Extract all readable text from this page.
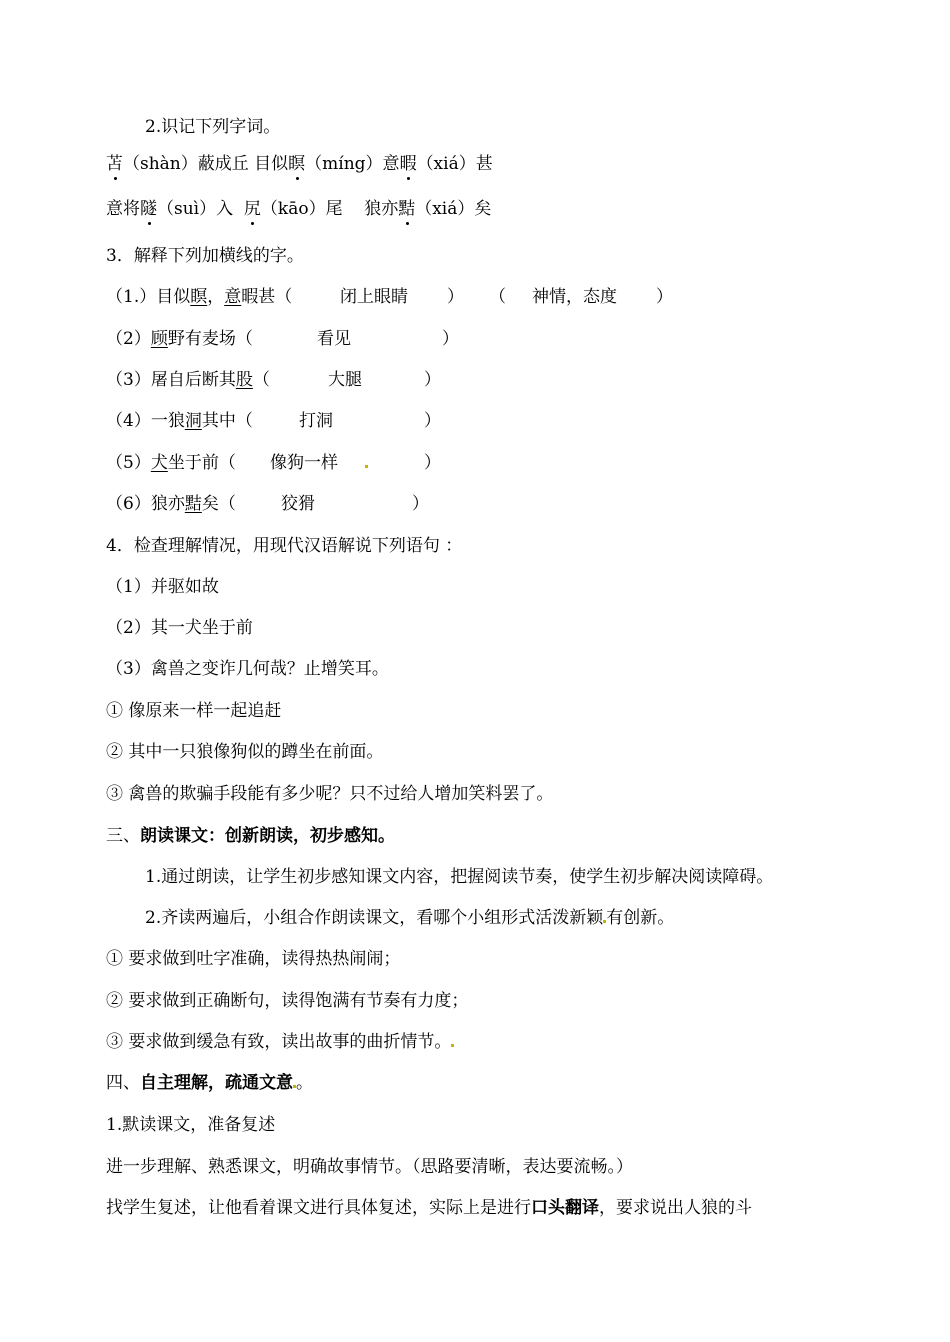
2.识记下列字词。
苫（shàn）蔽成丘 目似瞑（míng）意暇（xiá）甚
意将隧（suì）入  尻（kāo）尾    狼亦黠（xiá）矣
3．解释下列加横线的字。
（1.）目似瞑，意暇甚（	闭上眼睛 ） （ 神情，态度 ）
（2）顾野有麦场（	看见	）
（3）屠自后断其股（	大腿	）
（4）一狼洞其中（	打洞	）
（5）犬坐于前（ 像狗一样	）
（6）狼亦黠矣（	狡猾	）
4．检查理解情况，用现代汉语解说下列语句 ：
（1）并驱如故
（2）其一犬坐于前
（3）禽兽之变诈几何哉？止增笑耳。
① 像原来一样一起追赶
② 其中一只狼像狗似的蹲坐在前面。
③ 禽兽的欺骗手段能有多少呢？只不过给人增加笑料罢了。
三、朗读课文：创新朗读，初步感知。
1.通过朗读，让学生初步感知课文内容，把握阅读节奏，使学生初步解决阅读障碍。
2.齐读两遍后，小组合作朗读课文，看哪个小组形式活泼新颖 有创新。
① 要求做到吐字准确，读得热热闹闹；
② 要求做到正确断句，读得饱满有节奏有力度；
③ 要求做到缓急有致，读出故事的曲折情节。
四、自主理解，疏通文意 。
1.默读课文，准备复述
进一步理解、熟悉课文，明确故事情节。（思路要清晰，表达要流畅。）
找学生复述，让他看着课文进行具体复述，实际上是进行口头翻译，要求说出人狼的斗
